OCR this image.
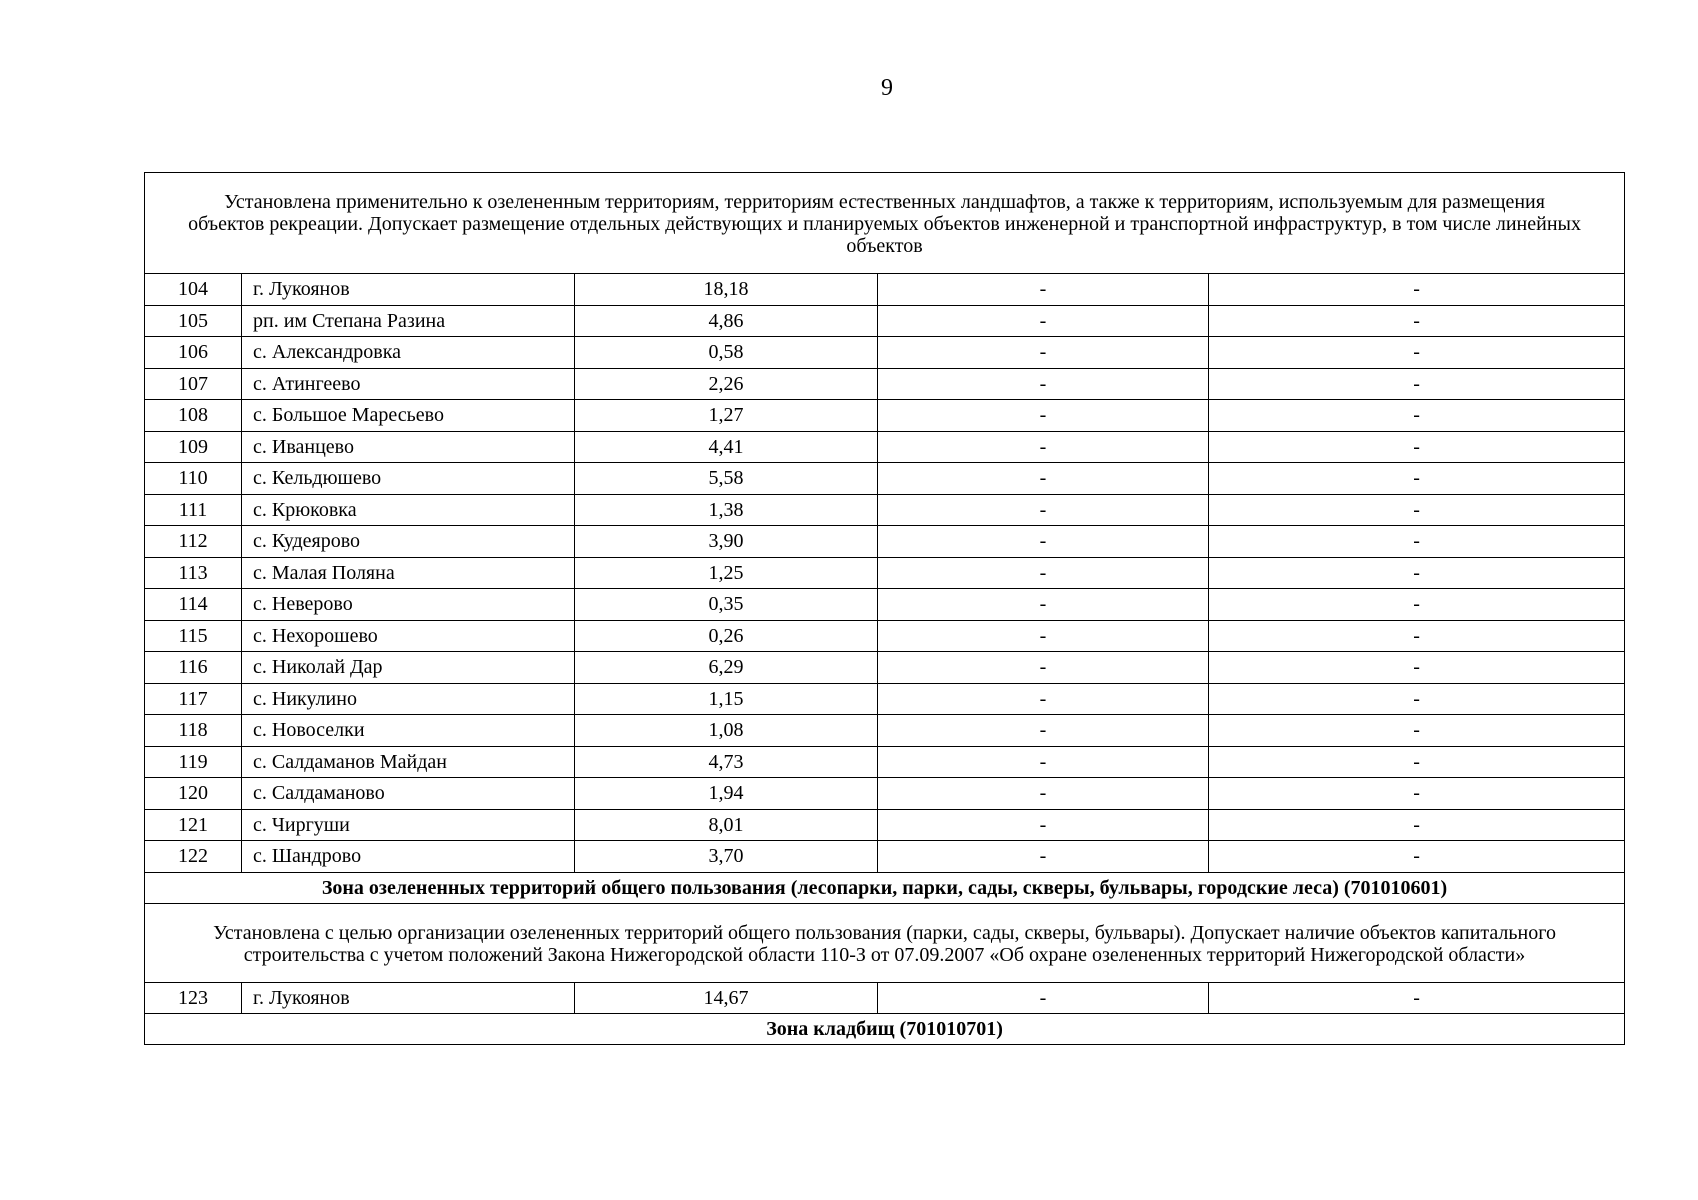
9
Установлена применительно к озелененным территориям, территориям естественных ландшафтов, а также к территориям, используемым для размещения объектов рекреации. Допускает размещение отдельных действующих и планируемых объектов инженерной и транспортной инфраструктур, в том числе линейных объектов				
104	г. Лукоянов	18,18	-	-
105	рп. им Степана Разина	4,86	-	-
106	с. Александровка	0,58	-	-
107	с. Атингеево	2,26	-	-
108	с. Большое Маресьево	1,27	-	-
109	с. Иванцево	4,41	-	-
110	с. Кельдюшево	5,58	-	-
111	с. Крюковка	1,38	-	-
112	с. Кудеярово	3,90	-	-
113	с. Малая Поляна	1,25	-	-
114	с. Неверово	0,35	-	-
115	с. Нехорошево	0,26	-	-
116	с. Николай Дар	6,29	-	-
117	с. Никулино	1,15	-	-
118	с. Новоселки	1,08	-	-
119	с. Салдаманов Майдан	4,73	-	-
120	с. Салдаманово	1,94	-	-
121	с. Чиргуши	8,01	-	-
122	с. Шандрово	3,70	-	-
Зона озелененных территорий общего пользования (лесопарки, парки, сады, скверы, бульвары, городские леса) (701010601)				
Установлена с целью организации озелененных территорий общего пользования (парки, сады, скверы, бульвары). Допускает наличие объектов капитального строительства с учетом положений Закона Нижегородской области 110-З от 07.09.2007 «Об охране озелененных территорий Нижегородской области»				
123	г. Лукоянов	14,67	-	-
Зона кладбищ (701010701)				
